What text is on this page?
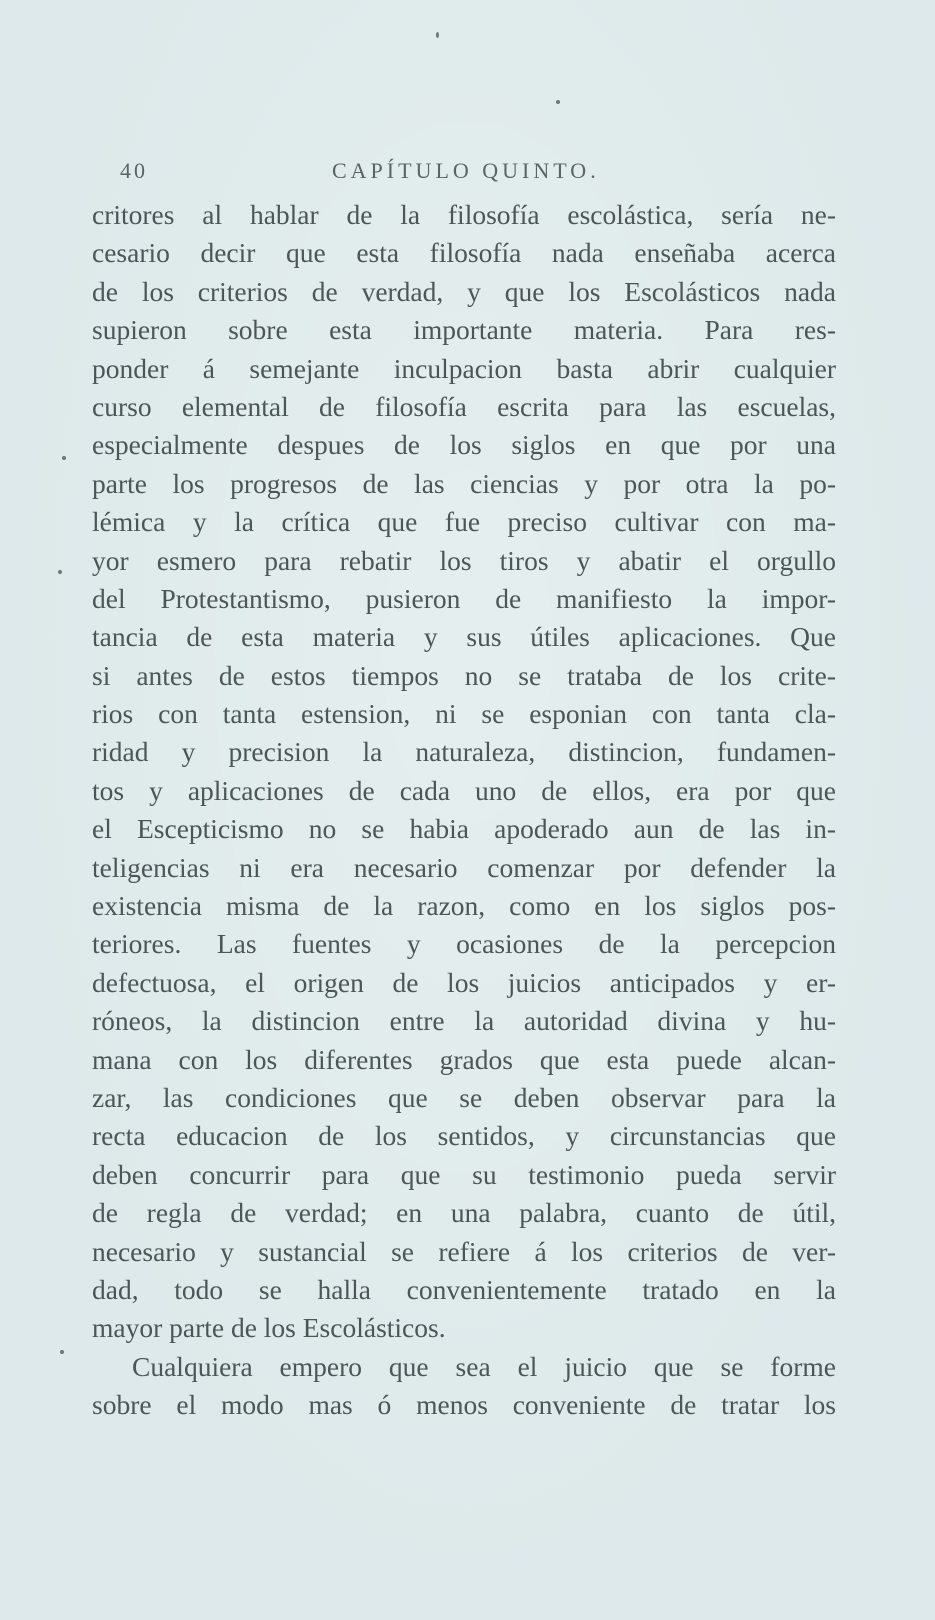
40	CAPÍTULO QUINTO.
critores al hablar de la filosofía escolástica, sería ne-
cesario decir que esta filosofía nada enseñaba acerca
de los criterios de verdad, y que los Escolásticos nada
supieron sobre esta importante materia. Para res-
ponder á semejante inculpacion basta abrir cualquier
curso elemental de filosofía escrita para las escuelas,
especialmente despues de los siglos en que por una
parte los progresos de las ciencias y por otra la po-
lémica y la crítica que fue preciso cultivar con ma-
yor esmero para rebatir los tiros y abatir el orgullo
del Protestantismo, pusieron de manifiesto la impor-
tancia de esta materia y sus útiles aplicaciones. Que
si antes de estos tiempos no se trataba de los crite-
rios con tanta estension, ni se esponian con tanta cla-
ridad y precision la naturaleza, distincion, fundamen-
tos y aplicaciones de cada uno de ellos, era por que
el Escepticismo no se habia apoderado aun de las in-
teligencias ni era necesario comenzar por defender la
existencia misma de la razon, como en los siglos pos-
teriores. Las fuentes y ocasiones de la percepcion
defectuosa, el origen de los juicios anticipados y er-
róneos, la distincion entre la autoridad divina y hu-
mana con los diferentes grados que esta puede alcan-
zar, las condiciones que se deben observar para la
recta educacion de los sentidos, y circunstancias que
deben concurrir para que su testimonio pueda servir
de regla de verdad; en una palabra, cuanto de útil,
necesario y sustancial se refiere á los criterios de ver-
dad, todo se halla convenientemente tratado en la
mayor parte de los Escolásticos.
Cualquiera empero que sea el juicio que se forme
sobre el modo mas ó menos conveniente de tratar los
